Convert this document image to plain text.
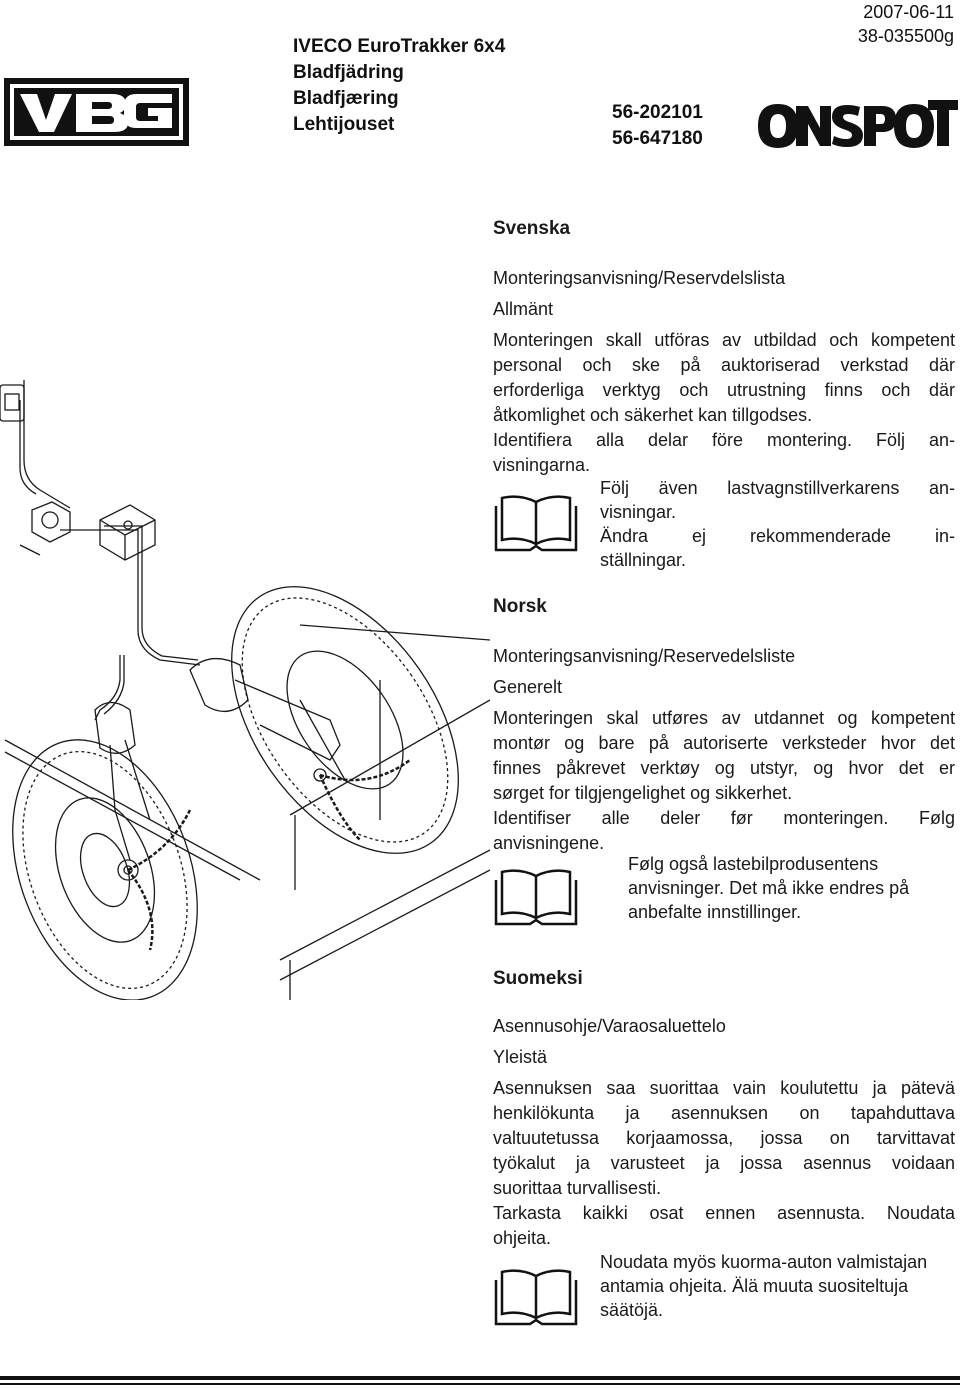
IVECO EuroTrakker 6x4
Bladfjädring
Bladfjæring
Lehtijouset
56-202101
56-647180
2007-06-11
38-035500g
Svenska
Monteringsanvisning/Reservdelslista
Allmänt
Monteringen skall utföras av utbildad och kompetent
personal och ske på auktoriserad verkstad där
erforderliga verktyg och utrustning finns och där
åtkomlighet och säkerhet kan tillgodses.
Identifiera alla delar före montering. Följ an-
visningarna.
Följ även lastvagnstillverkarens an-
visningar.
Ändra ej rekommenderade in-
ställningar.
Norsk
Monteringsanvisning/Reservedelsliste
Generelt
Monteringen skal utføres av utdannet og kompetent
montør og bare på autoriserte verksteder hvor det
finnes påkrevet verktøy og utstyr, og hvor det er
sørget for tilgjengelighet og sikkerhet.
Identifiser alle deler før monteringen. Følg
anvisningene.
Følg også lastebilprodusentens
anvisninger. Det må ikke endres på
anbefalte innstillinger.
Suomeksi
Asennusohje/Varaosaluettelo
Yleistä
Asennuksen saa suorittaa vain koulutettu ja pätevä
henkilökunta ja asennuksen on tapahduttava
valtuutetussa korjaamossa, jossa on tarvittavat
työkalut ja varusteet ja jossa asennus voidaan
suorittaa turvallisesti.
Tarkasta kaikki osat ennen asennusta. Noudata
ohjeita.
Noudata myös kuorma-auton valmistajan
antamia ohjeita. Älä muuta suositeltuja
säätöjä.
